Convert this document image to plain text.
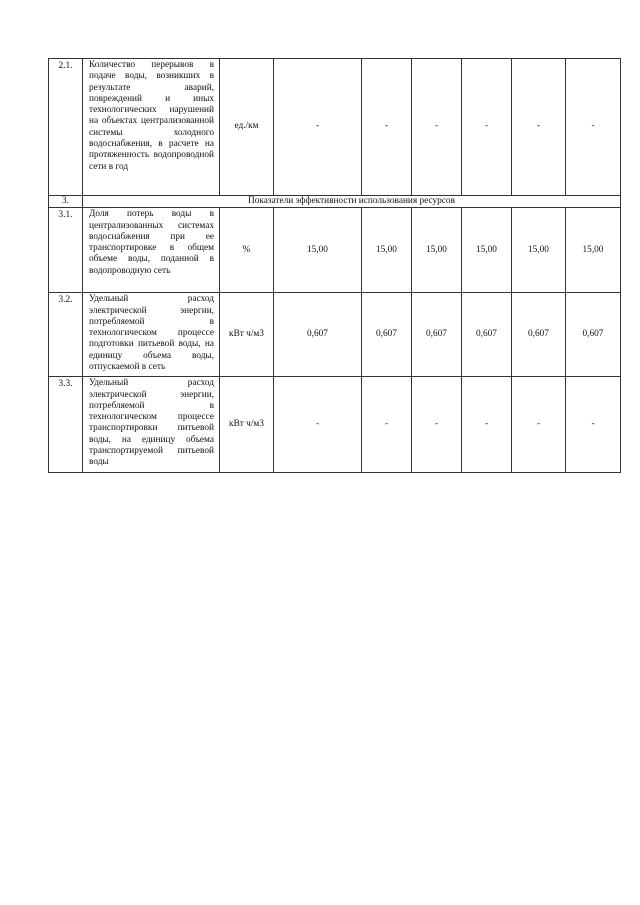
2.1.	Количество перерывов в подаче воды, возникших в результате аварий, повреждений и иных технологических нарушений на объектах централизованной системы холодного водоснабжения, в расчете на протяженность водопроводной сети в год	ед./км	-	-	-	-	-	-
3.	Показатели эффективности использования ресурсов							
3.1.	Доля потерь воды в централизованных системах водоснабжения при ее транспортировке в общем объеме воды, поданной в водопроводную сеть	%	15,00	15,00	15,00	15,00	15,00	15,00
3.2.	Удельный расход электрической энергии, потребляемой в технологическом процессе подготовки питьевой воды, на единицу объема воды, отпускаемой в сеть	кВт ч/м3	0,607	0,607	0,607	0,607	0,607	0,607
3.3.	Удельный расход электрической энергии, потребляемой в технологическом процессе транспортировки питьевой воды, на единицу объема транспортируемой питьевой воды	кВт ч/м3	-	-	-	-	-	-
